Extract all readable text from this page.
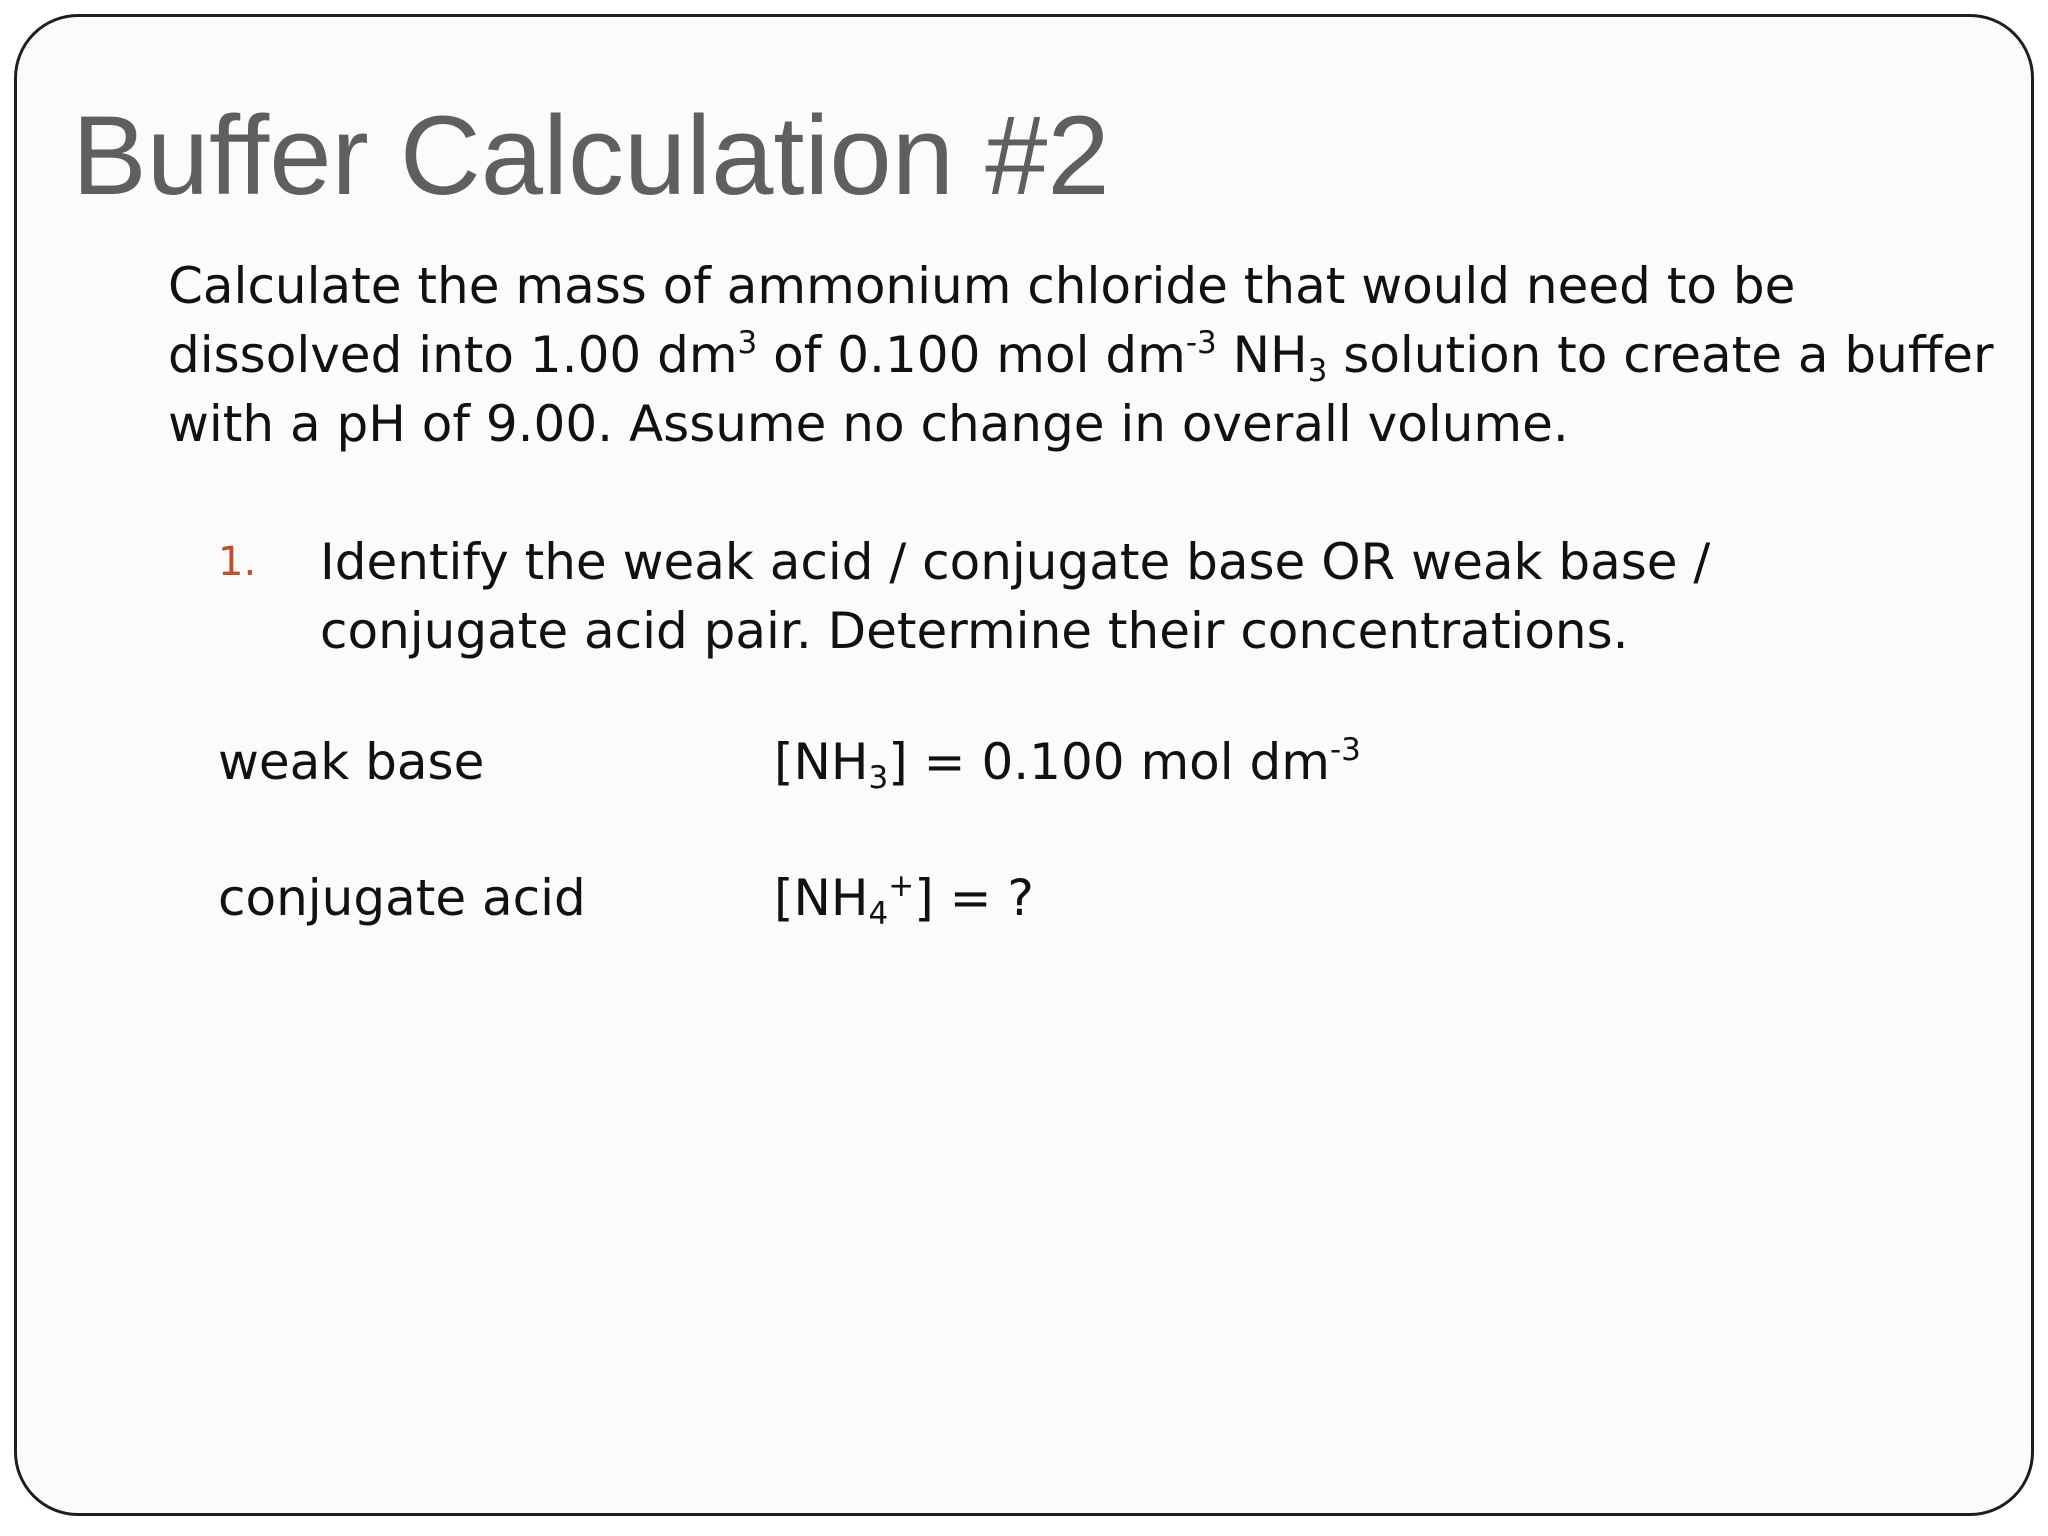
Buffer Calculation #2

Calculate the mass of ammonium chloride that would need to be
dissolved into 1.00 $dm^3$ of 0.100 mol $dm^{-3}$ $NH_3$ solution to create a buffer
with a pH of 9.00. Assume no change in overall volume.

1. Identify the weak acid / conjugate base OR weak base /
conjugate acid pair. Determine their concentrations.
weak base	$[NH_3] = 0.100$ mol $dm^{-3}$
conjugate acid	$[NH_4^+]$ = ?
